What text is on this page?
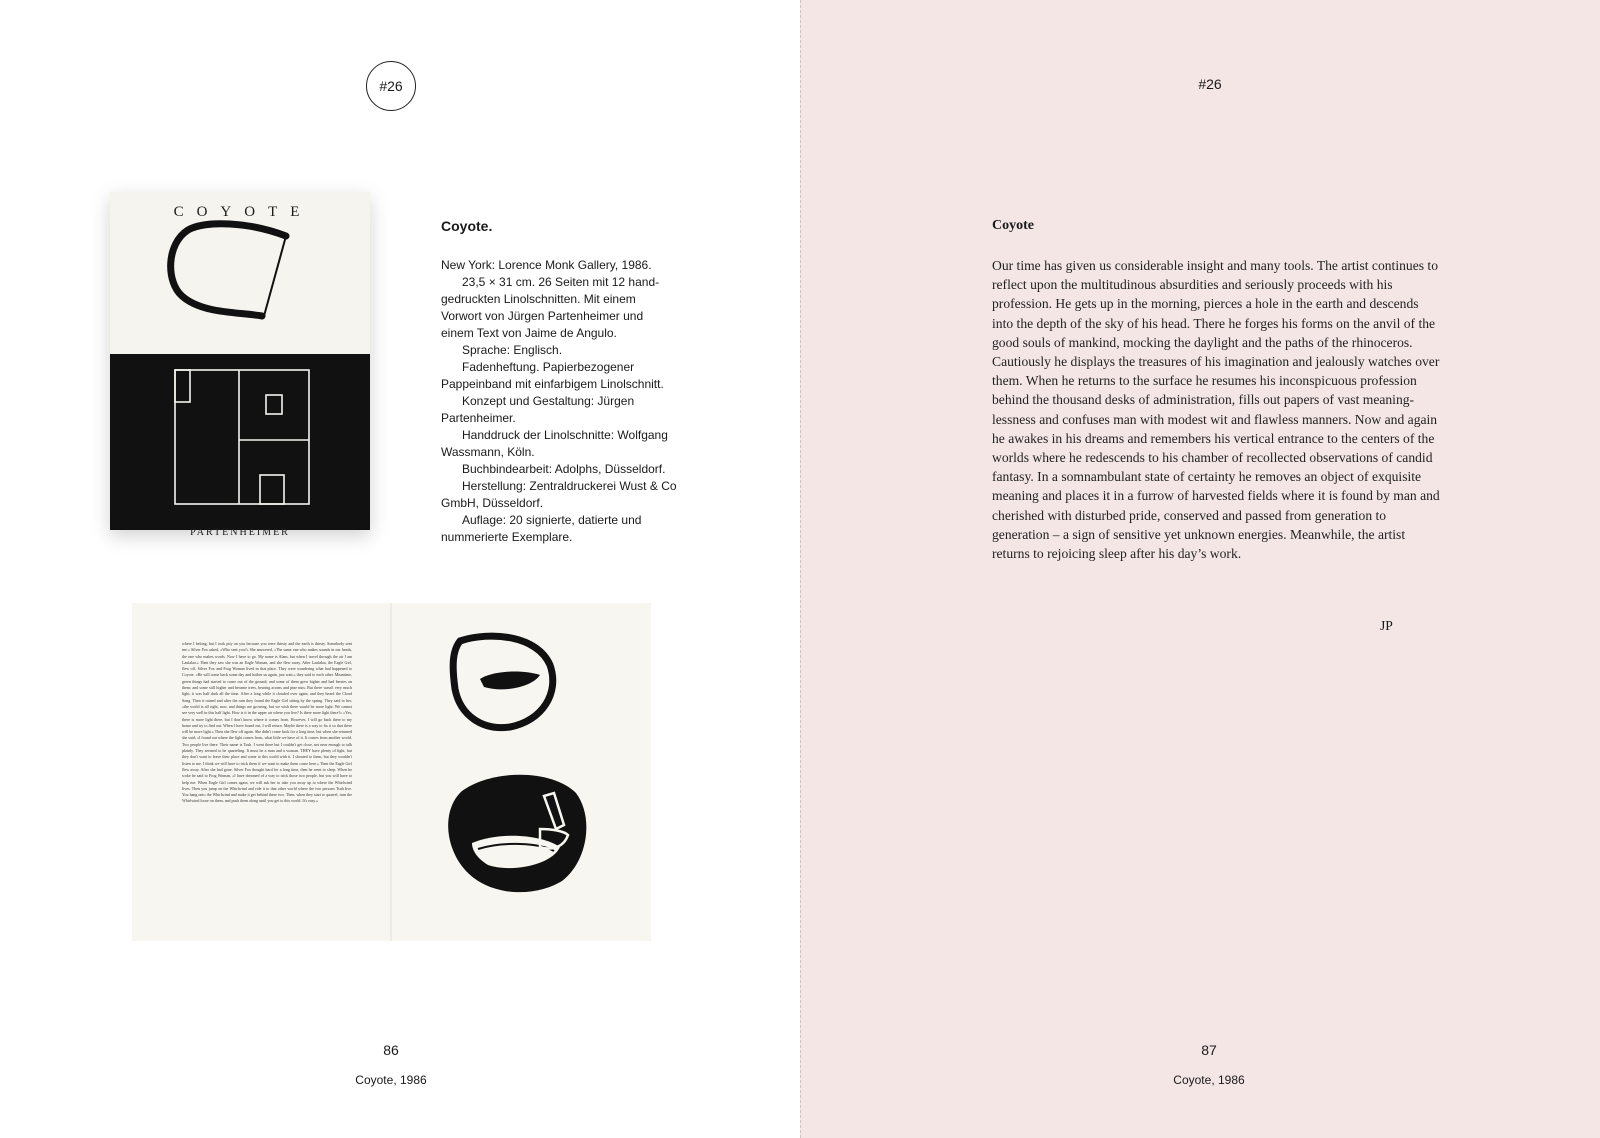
#26
COYOTE
PARTENHEIMER
Coyote.

New York: Lorence Monk Gallery, 1986.

23,5 × 31 cm. 26 Seiten mit 12 hand-gedruckten Linolschnitten. Mit einem Vorwort von Jürgen Partenheimer und einem Text von Jaime de Angulo.

Sprache: Englisch.

Fadenheftung. Papierbezogener Pappeinband mit einfarbigem Linolschnitt.

Konzept und Gestaltung: Jürgen Partenheimer.

Handdruck der Linolschnitte: Wolfgang Wassmann, Köln.

Buchbindearbeit: Adolphs, Düsseldorf.

Herstellung: Zentraldruckerei Wust & Co GmbH, Düsseldorf.

Auflage: 20 signierte, datierte und nummerierte Exemplare.

where I belong, but I took pity on you because you were thirsty and the earth is thirsty. Somebody sent me.» Silver Fox asked, «Who sent you?» She answered, «The same one who makes sounds in our heads, the one who makes words. Now I have to go. My name is Alam, but when I travel through the air I am Laulalaa.» Then they saw she was an Eagle Woman, and she flew away. After Laulalaa, the Eagle Girl, flew off, Silver Fox and Frog Woman lived in that place. They were wondering what had happened to Coyote. «He will come back some day and bother us again, just wait,» they said to each other. Meantime, green things had started to come out of the ground; and some of them grew higher and had berries on them; and some still higher and became trees, bearing acorns and pine nuts. But there wasn't very much light; it was half dark all the time. After a long while it clouded over again, and they heard the Cloud Song. Then it rained and after the rain they found the Eagle Girl sitting by the spring. They said to her, «the world is all right, now, and things are growing, but we wish there would be more light. We cannot see very well in this half light. How is it in the upper air where you live? Is there more light there?» «Yes, there is more light there, but I don't know where it comes from. However, I will go back there to my home and try to find out. When I have found out, I will return. Maybe there is a way to fix it so that there will be more light.» Then she flew off again. She didn't come back for a long time, but when she returned she said, «I found out where the light comes from, what little we have of it. It comes from another world. Two people live there. Their name is Tsuh. I went there but I couldn't get close, not near enough to talk plainly. They seemed to be quarreling. It must be a man and a woman. THEY have plenty of light, but they don't want to leave their place and come to this world with it. I shouted to them, but they wouldn't listen to me. I think we will have to trick them if we want to make them come here.» Then the Eagle Girl flew away. After she had gone, Silver Fox thought hard for a long time, then he went to sleep. When he woke he said to Frog Woman, «I have dreamed of a way to trick those two people, but you will have to help me. When Eagle Girl comes again, we will ask her to take you away up to where the Whirlwind lives. Then you jump on the Whirlwind and ride it to that other world where the two persons Tsuh live. You hang onto the Whirlwind and make it get behind these two. Then, when they start to quarrel, turn the Whirlwind loose on them, and push them along until you get to this world. It's easy.»

86
Coyote, 1986
#26
Coyote

Our time has given us considerable insight and many tools. The artist continues to reflect upon the multitudinous absurdities and seriously proceeds with his profession. He gets up in the morning, pierces a hole in the earth and descends into the depth of the sky of his head. There he forges his forms on the anvil of the good souls of mankind, mocking the daylight and the paths of the rhinoceros. Cautiously he displays the treasures of his imagination and jealously watches over them. When he returns to the surface he resumes his inconspicuous profession behind the thousand desks of administration, fills out papers of vast meaning-lessness and confuses man with modest wit and flawless manners. Now and again he awakes in his dreams and remembers his vertical entrance to the centers of the worlds where he redescends to his chamber of recollected observations of candid fantasy. In a somnambulant state of certainty he removes an object of exquisite meaning and places it in a furrow of harvested fields where it is found by man and cherished with disturbed pride, conserved and passed from generation to generation – a sign of sensitive yet unknown energies. Meanwhile, the artist returns to rejoicing sleep after his day’s work.

JP
87
Coyote, 1986
